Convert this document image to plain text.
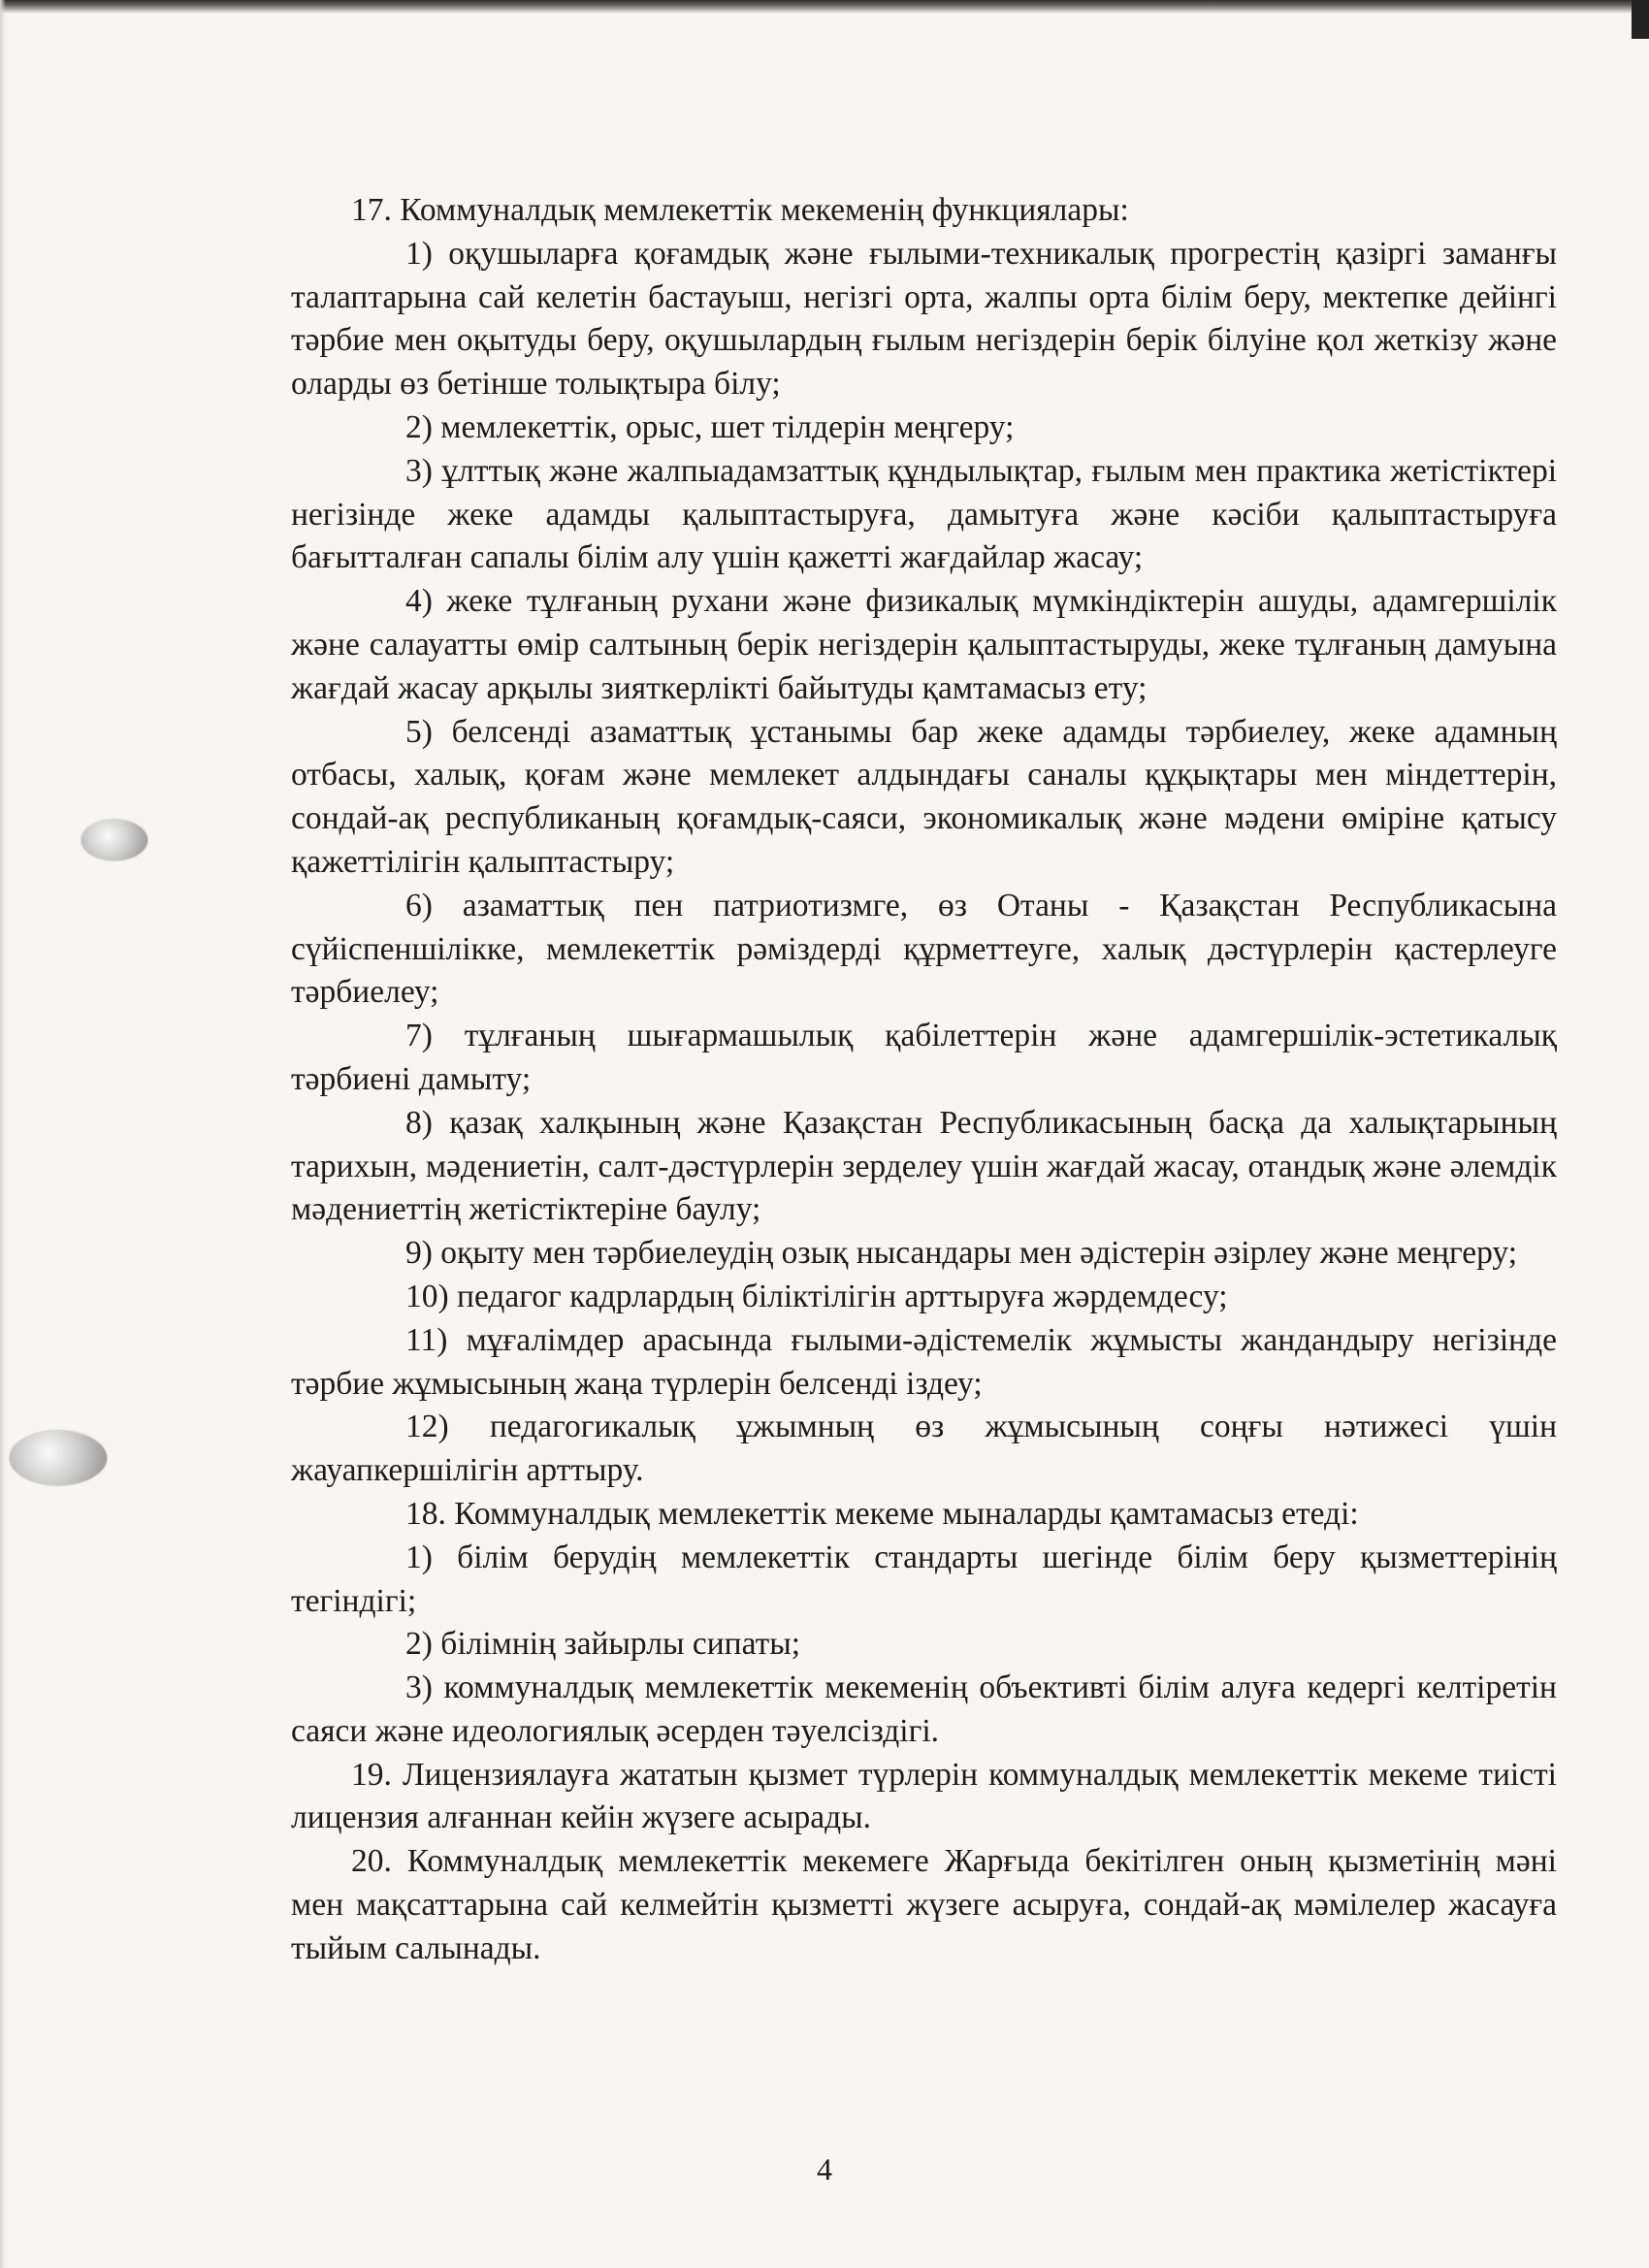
17. Коммуналдық мемлекеттік мекеменің функциялары:

1) оқушыларға қоғамдық және ғылыми-техникалық прогрестің қазіргі заманғы талаптарына сай келетін бастауыш, негізгі орта, жалпы орта білім беру, мектепке дейінгі тәрбие мен оқытуды беру, оқушылардың ғылым негіздерін берік білуіне қол жеткізу және оларды өз бетінше толықтыра білу;

2) мемлекеттік, орыс, шет тілдерін меңгеру;

3) ұлттық және жалпыадамзаттық құндылықтар, ғылым мен практика жетістіктері негізінде жеке адамды қалыптастыруға, дамытуға және кәсіби қалыптастыруға бағытталған сапалы білім алу үшін қажетті жағдайлар жасау;

4) жеке тұлғаның рухани және физикалық мүмкіндіктерін ашуды, адамгершілік және салауатты өмір салтының берік негіздерін қалыптастыруды, жеке тұлғаның дамуына жағдай жасау арқылы зияткерлікті байытуды қамтамасыз ету;

5) белсенді азаматтық ұстанымы бар жеке адамды тәрбиелеу, жеке адамның отбасы, халық, қоғам және мемлекет алдындағы саналы құқықтары мен міндеттерін, сондай-ақ республиканың қоғамдық-саяси, экономикалық және мәдени өміріне қатысу қажеттілігін қалыптастыру;

6) азаматтық пен патриотизмге, өз Отаны - Қазақстан Республикасына сүйіспеншілікке, мемлекеттік рәміздерді құрметтеуге, халық дәстүрлерін қастерлеуге тәрбиелеу;

7) тұлғаның шығармашылық қабілеттерін және адамгершілік-эстетикалық тәрбиені дамыту;

8) қазақ халқының және Қазақстан Республикасының басқа да халықтарының тарихын, мәдениетін, салт-дәстүрлерін зерделеу үшін жағдай жасау, отандық және әлемдік мәдениеттің жетістіктеріне баулу;

9) оқыту мен тәрбиелеудің озық нысандары мен әдістерін әзірлеу және меңгеру;

10) педагог кадрлардың біліктілігін арттыруға жәрдемдесу;

11) мұғалімдер арасында ғылыми-әдістемелік жұмысты жандандыру негізінде тәрбие жұмысының жаңа түрлерін белсенді іздеу;

12) педагогикалық ұжымның өз жұмысының соңғы нәтижесі үшін жауапкершілігін арттыру.

18. Коммуналдық мемлекеттік мекеме мыналарды қамтамасыз етеді:

1) білім берудің мемлекеттік стандарты шегінде білім беру қызметтерінің тегіндігі;

2) білімнің зайырлы сипаты;

3) коммуналдық мемлекеттік мекеменің объективті білім алуға кедергі келтіретін саяси және идеологиялық әсерден тәуелсіздігі.

19. Лицензиялауға жататын қызмет түрлерін коммуналдық мемлекеттік мекеме тиісті лицензия алғаннан кейін жүзеге асырады.

20. Коммуналдық мемлекеттік мекемеге Жарғыда бекітілген оның қызметінің мәні мен мақсаттарына сай келмейтін қызметті жүзеге асыруға, сондай-ақ мәмілелер жасауға тыйым салынады.

4
